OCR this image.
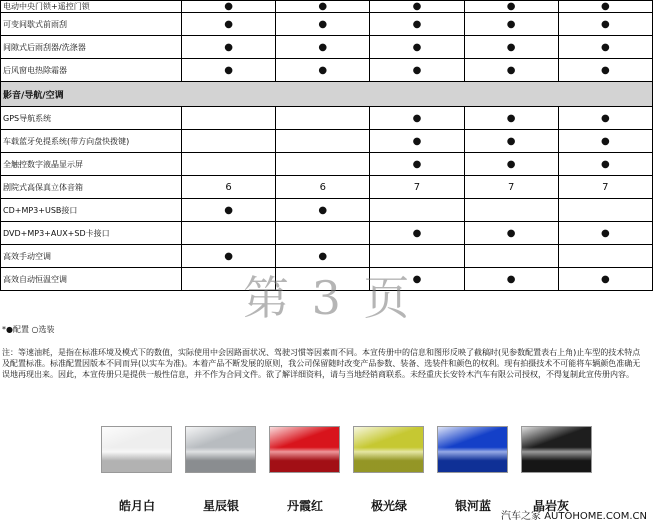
电动中央门锁+遥控门锁	●	●	●	●	●
可变间歇式前雨刮	●	●	●	●	●
间隙式后雨刮器/洗涤器	●	●	●	●	●
后风窗电热除霜器	●	●	●	●	●
影音/导航/空调					
GPS导航系统			●	●	●
车载蓝牙免提系统(带方向盘快拨键)			●	●	●
全触控数字液晶显示屏			●	●	●
剧院式高保真立体音箱	6	6	7	7	7
CD+MP3+USB接口	●	●			
DVD+MP3+AUX+SD卡接口			●	●	●
高效手动空调	●	●			
高效自动恒温空调			●	●	●
第 3 页
*●配置 ○选装
注：等速油耗，是指在标准环境及模式下的数值，实际使用中会因路面状况、驾驶习惯等因素而不同。本宣传册中的信息和图形反映了截稿时(见参数配置表右上角)止车型的技术特点及配置标准。标准配置因版本不同而异(以实车为准)。本着产品不断发展的原则，我公司保留随时改变产品参数、装备、选装件和颜色的权利。现有拍摄技术不可能将车辆颜色准确无误地再现出来。因此，本宣传册只是提供一般性信息，并不作为合同文件。欲了解详细资料，请与当地经销商联系。未经重庆长安铃木汽车有限公司授权，不得复制此宣传册内容。
皓月白	星辰银	丹霞红	极光绿	银河蓝	晶岩灰
汽车之家 AUTOHOME.COM.CN
